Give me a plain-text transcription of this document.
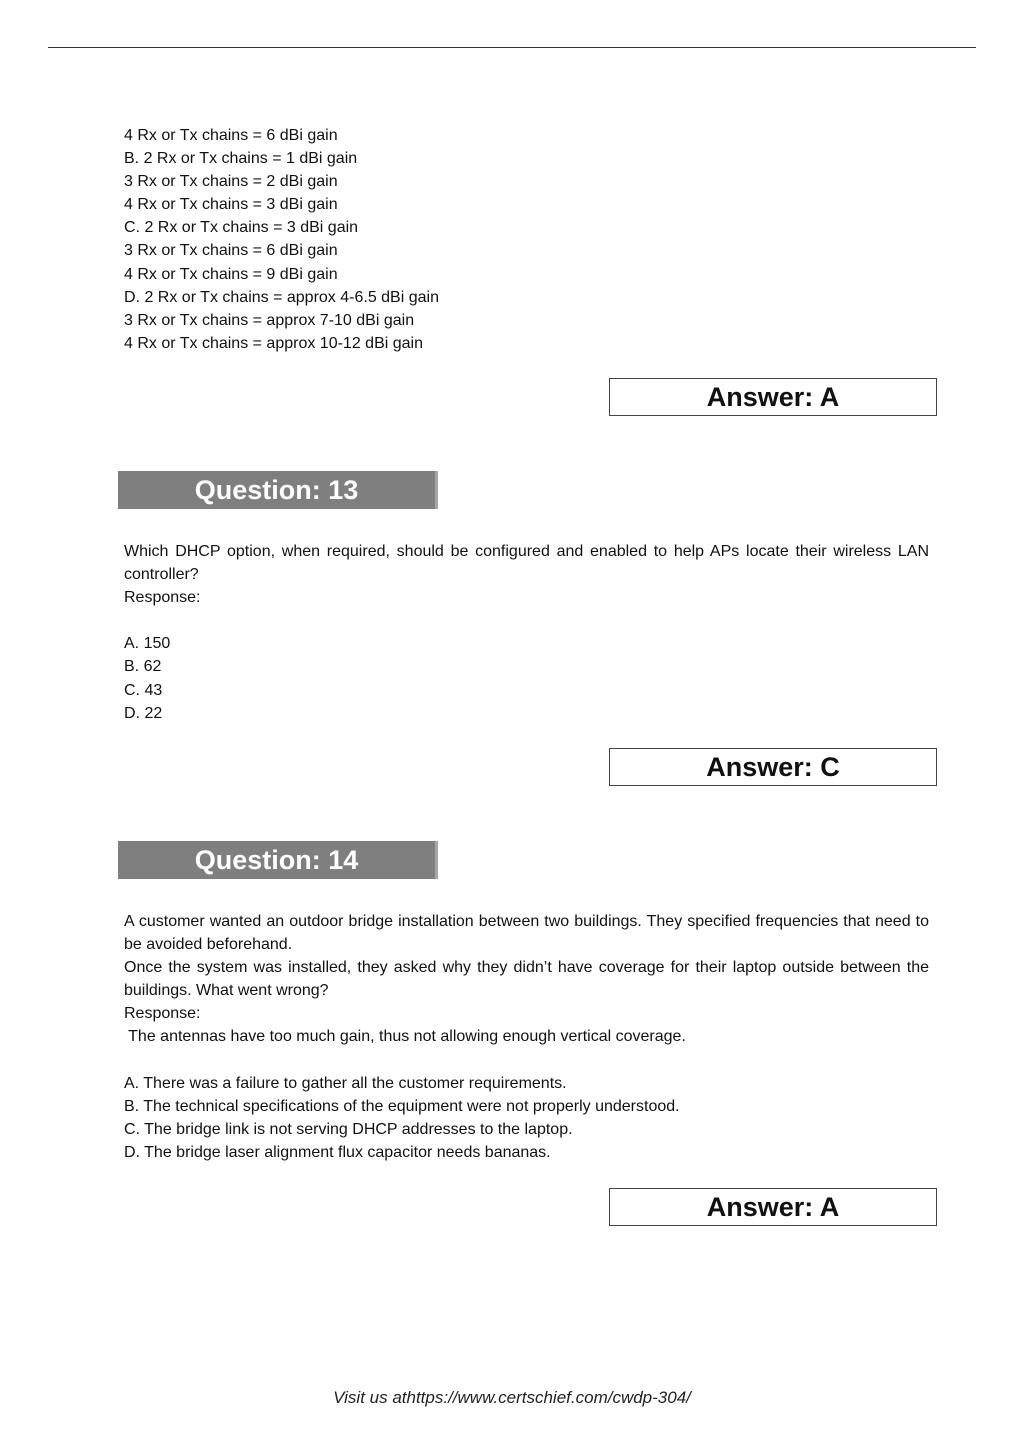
4 Rx or Tx chains = 6 dBi gain
B. 2 Rx or Tx chains = 1 dBi gain
3 Rx or Tx chains = 2 dBi gain
4 Rx or Tx chains = 3 dBi gain
C. 2 Rx or Tx chains = 3 dBi gain
3 Rx or Tx chains = 6 dBi gain
4 Rx or Tx chains = 9 dBi gain
D. 2 Rx or Tx chains = approx 4-6.5 dBi gain
3 Rx or Tx chains = approx 7-10 dBi gain
4 Rx or Tx chains = approx 10-12 dBi gain
Answer: A
Question: 13
Which DHCP option, when required, should be configured and enabled to help APs locate their wireless LAN controller?
Response:
A. 150
B. 62
C. 43
D. 22
Answer: C
Question: 14
A customer wanted an outdoor bridge installation between two buildings. They specified frequencies that need to be avoided beforehand.
Once the system was installed, they asked why they didn’t have coverage for their laptop outside between the buildings. What went wrong?
Response:
The antennas have too much gain, thus not allowing enough vertical coverage.
A. There was a failure to gather all the customer requirements.
B. The technical specifications of the equipment were not properly understood.
C. The bridge link is not serving DHCP addresses to the laptop.
D. The bridge laser alignment flux capacitor needs bananas.
Answer: A
Visit us athttps://www.certschief.com/cwdp-304/
